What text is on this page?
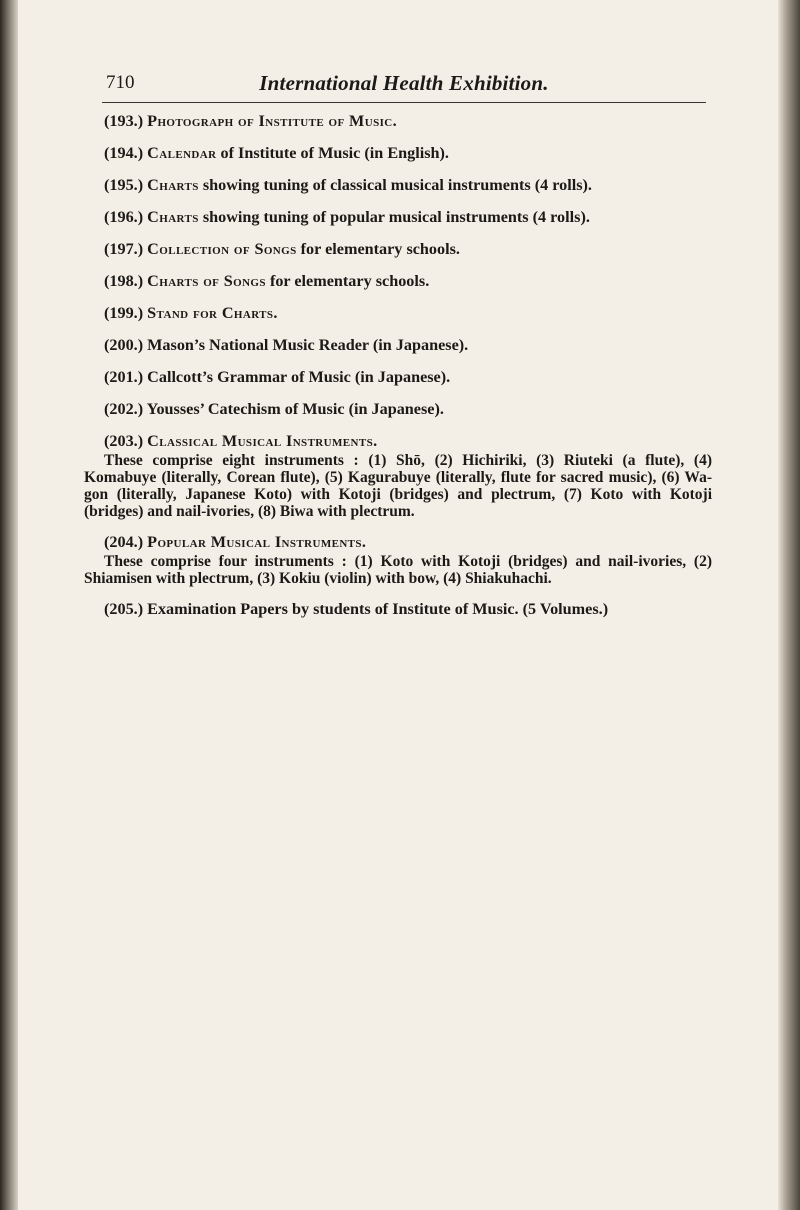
710	International Health Exhibition.
(193.) Photograph of Institute of Music.
(194.) Calendar of Institute of Music (in English).
(195.) Charts showing tuning of classical musical instruments (4 rolls).
(196.) Charts showing tuning of popular musical instruments (4 rolls).
(197.) Collection of Songs for elementary schools.
(198.) Charts of Songs for elementary schools.
(199.) Stand for Charts.
(200.) Mason’s National Music Reader (in Japanese).
(201.) Callcott’s Grammar of Music (in Japanese).
(202.) Yousses’ Catechism of Music (in Japanese).
(203.) Classical Musical Instruments.

These comprise eight instruments : (1) Shō, (2) Hichiriki, (3) Riuteki (a flute), (4) Komabuye (literally, Corean flute), (5) Kagurabuye (literally, flute for sacred music), (6) Wa-gon (literally, Japanese Koto) with Kotoji (bridges) and plectrum, (7) Koto with Kotoji (bridges) and nail-ivories, (8) Biwa with plectrum.

(204.) Popular Musical Instruments.

These comprise four instruments : (1) Koto with Kotoji (bridges) and nail-ivories, (2) Shiamisen with plectrum, (3) Kokiu (violin) with bow, (4) Shiakuhachi.

(205.) Examination Papers by students of Institute of Music. (5 Volumes.)
